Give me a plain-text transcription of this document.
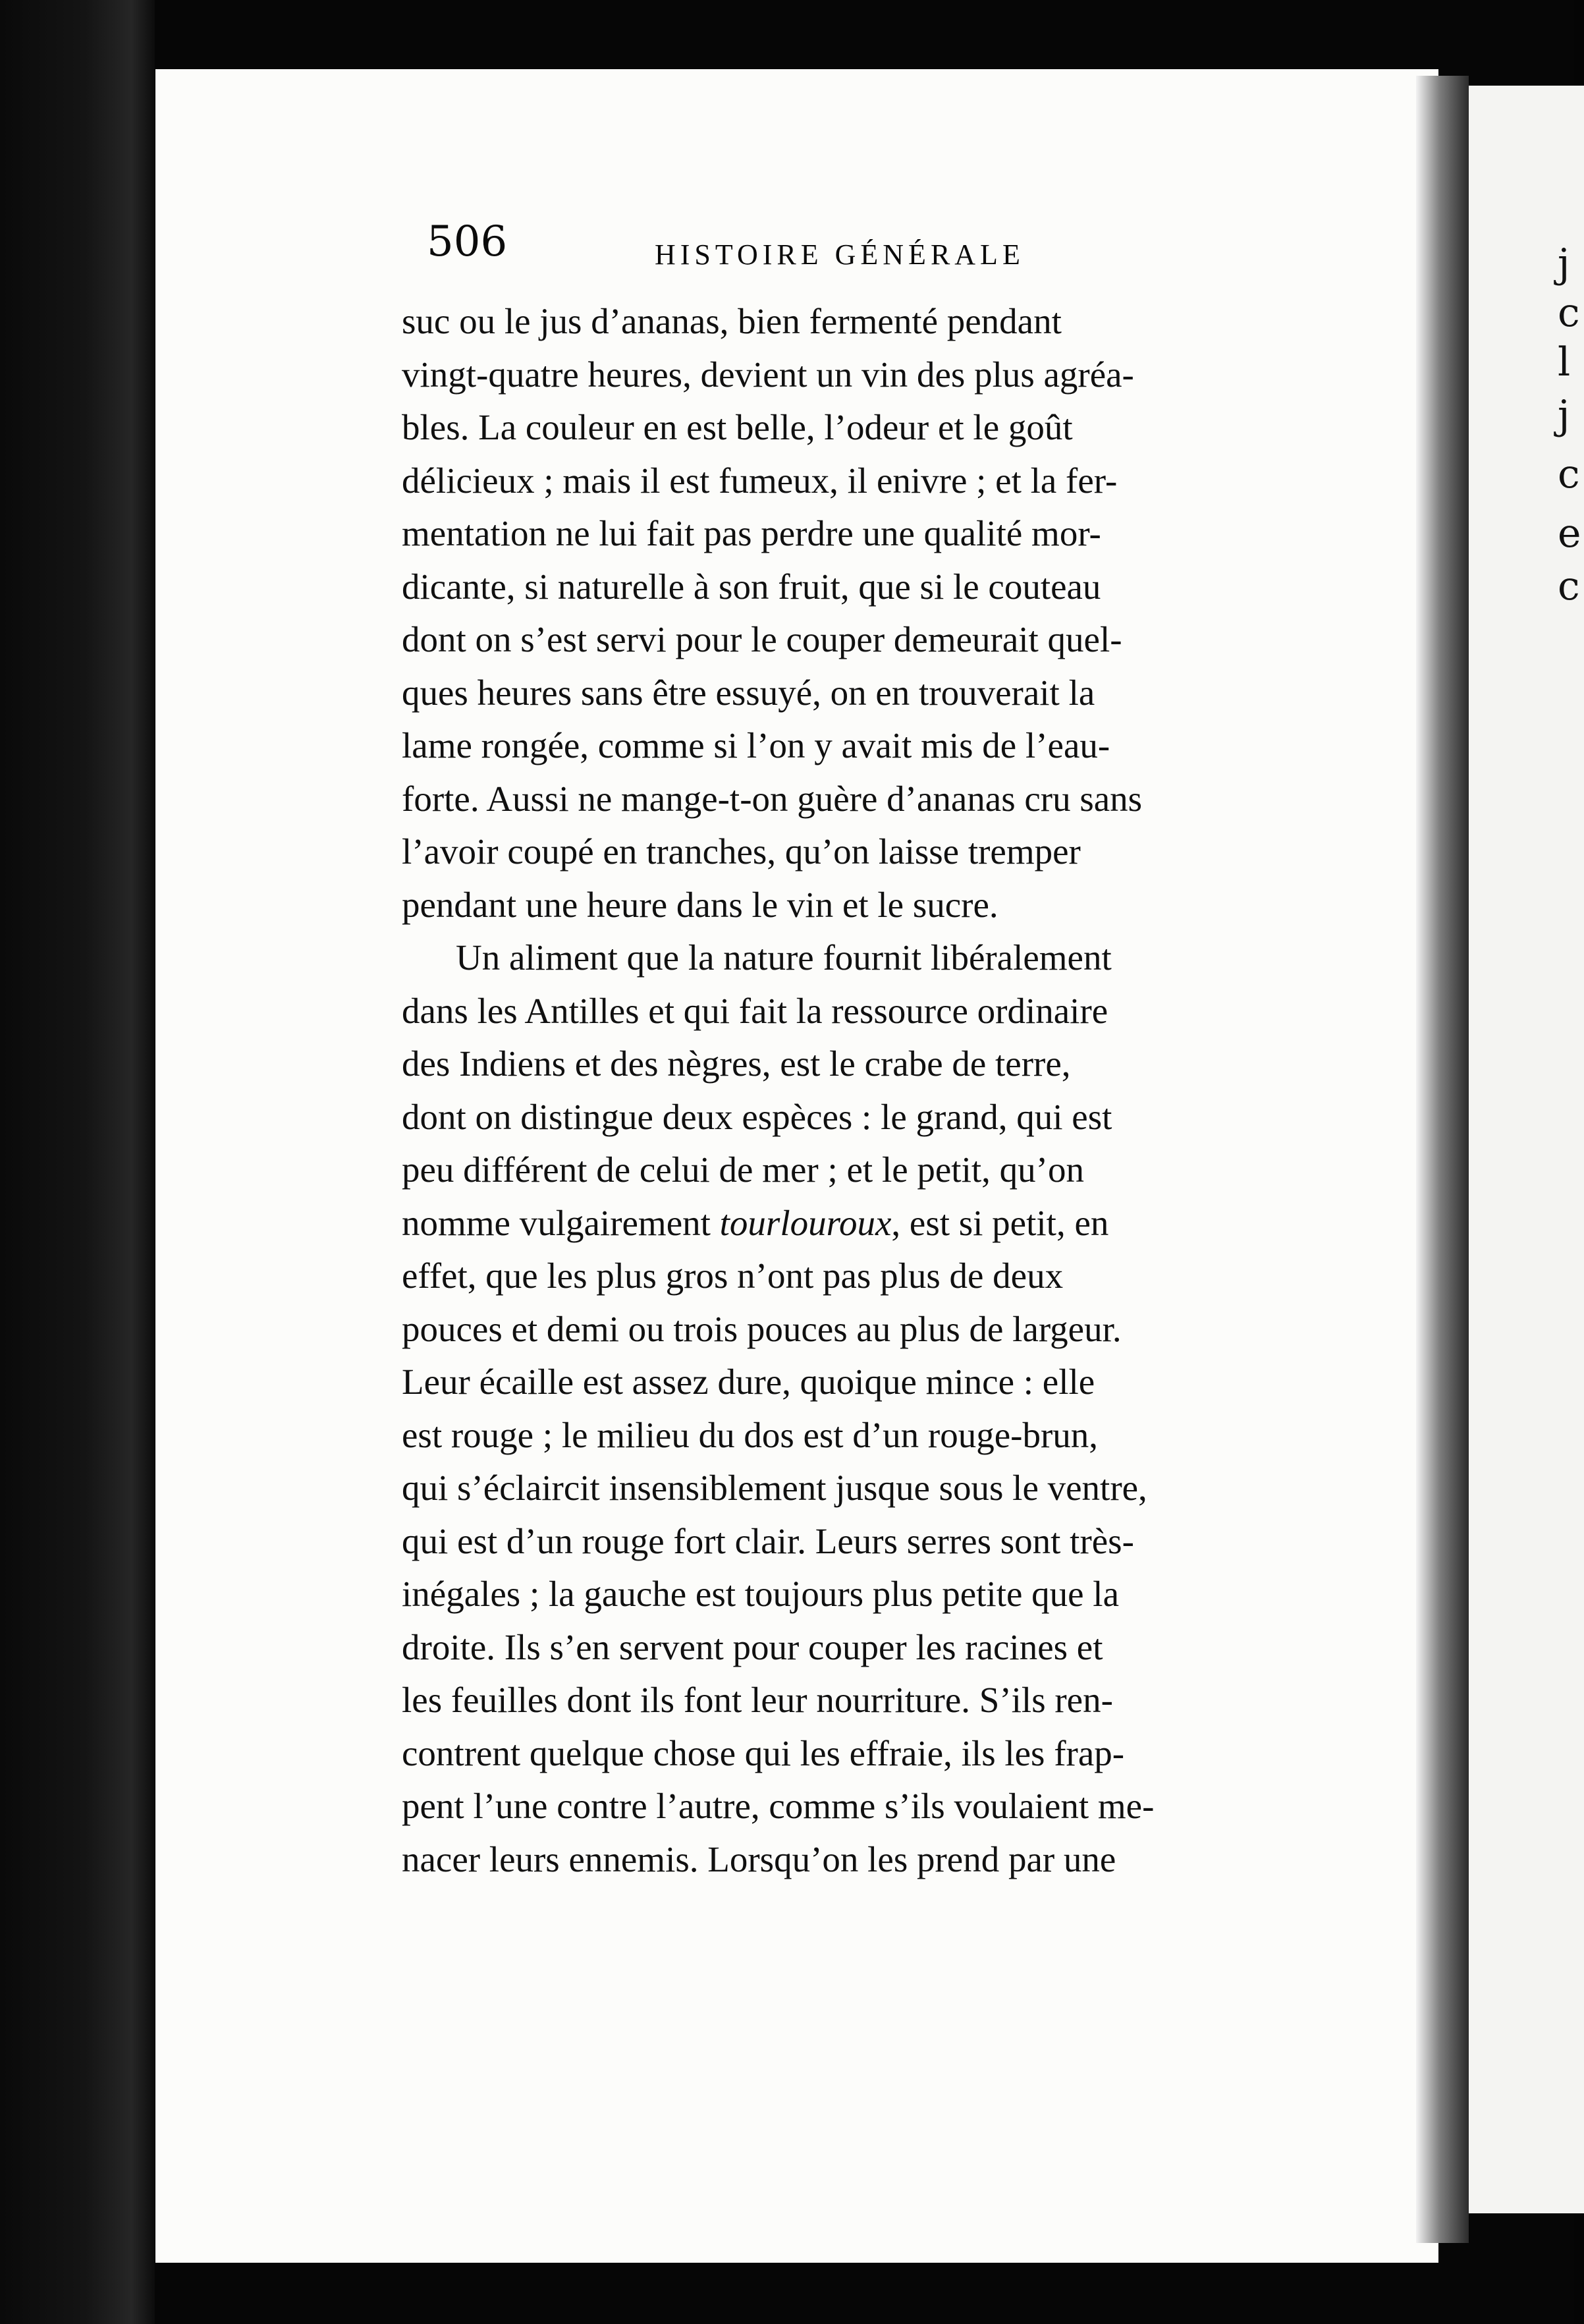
506	HISTOIRE GÉNÉRALE
suc ou le jus d’ananas, bien fermenté pendant
vingt-quatre heures, devient un vin des plus agréa-
bles. La couleur en est belle, l’odeur et le goût
délicieux ; mais il est fumeux, il enivre ; et la fer-
mentation ne lui fait pas perdre une qualité mor-
dicante, si naturelle à son fruit, que si le couteau
dont on s’est servi pour le couper demeurait quel-
ques heures sans être essuyé, on en trouverait la
lame rongée, comme si l’on y avait mis de l’eau-
forte. Aussi ne mange-t-on guère d’ananas cru sans
l’avoir coupé en tranches, qu’on laisse tremper
pendant une heure dans le vin et le sucre.
Un aliment que la nature fournit libéralement
dans les Antilles et qui fait la ressource ordinaire
des Indiens et des nègres, est le crabe de terre,
dont on distingue deux espèces : le grand, qui est
peu différent de celui de mer ; et le petit, qu’on
nomme vulgairement tourlouroux, est si petit, en
effet, que les plus gros n’ont pas plus de deux
pouces et demi ou trois pouces au plus de largeur.
Leur écaille est assez dure, quoique mince : elle
est rouge ; le milieu du dos est d’un rouge-brun,
qui s’éclaircit insensiblement jusque sous le ventre,
qui est d’un rouge fort clair. Leurs serres sont très-
inégales ; la gauche est toujours plus petite que la
droite. Ils s’en servent pour couper les racines et
les feuilles dont ils font leur nourriture. S’ils ren-
contrent quelque chose qui les effraie, ils les frap-
pent l’une contre l’autre, comme s’ils voulaient me-
nacer leurs ennemis. Lorsqu’on les prend par une
j
c
l
j
c
e
c
